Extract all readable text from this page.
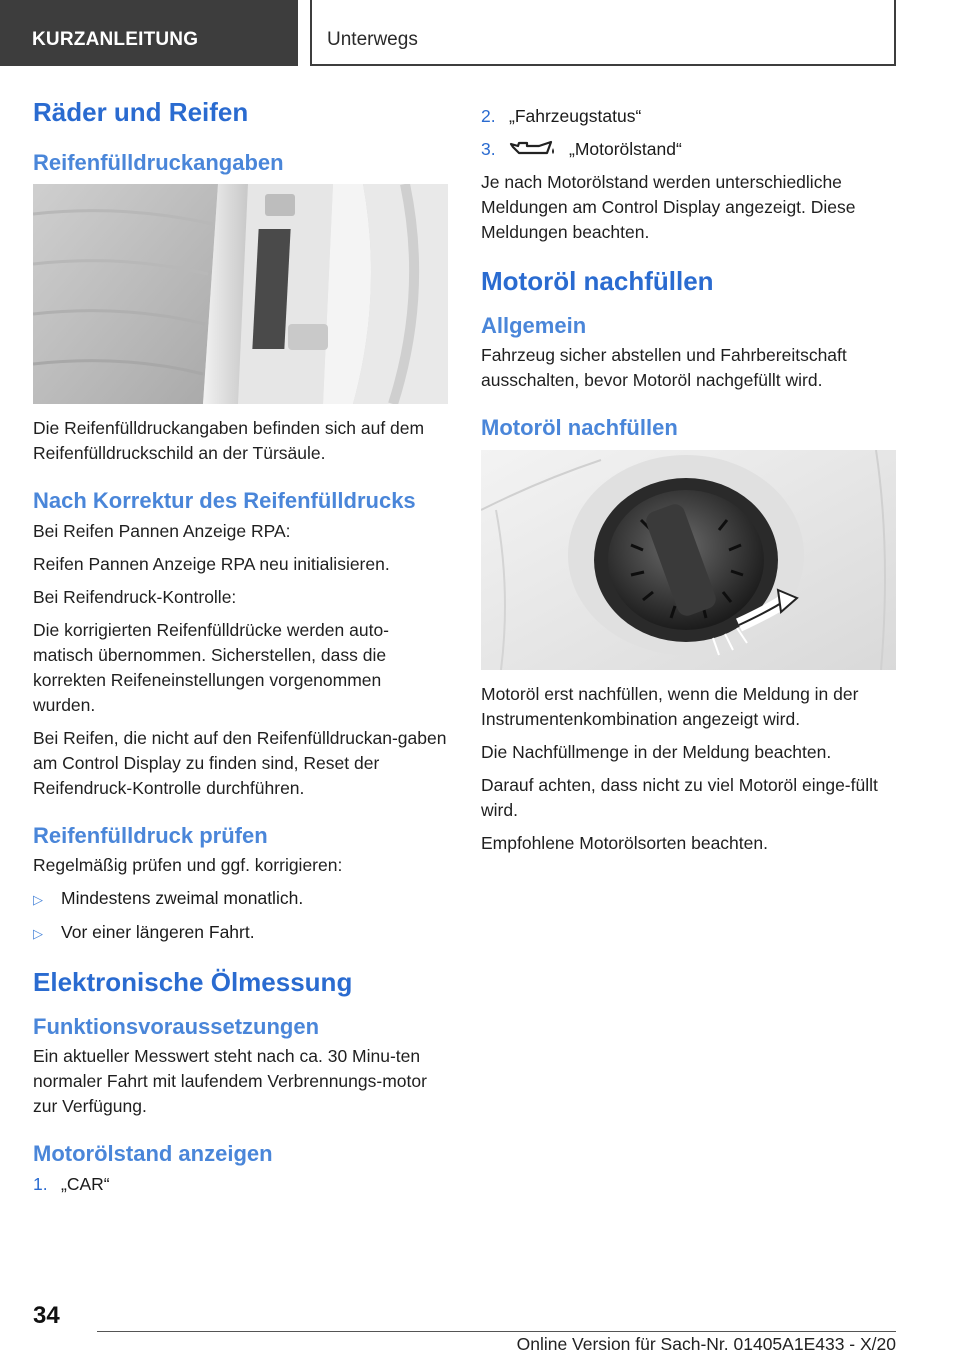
KURZANLEITUNG	Unterwegs
Räder und Reifen
Reifenfülldruckangaben

Die Reifenfülldruckangaben befinden sich auf dem Reifenfülldruckschild an der Türsäule.

Nach Korrektur des Reifenfülldrucks

Bei Reifen Pannen Anzeige RPA:

Reifen Pannen Anzeige RPA neu initialisieren.

Bei Reifendruck-Kontrolle:

Die korrigierten Reifenfülldrücke werden auto-matisch übernommen. Sicherstellen, dass die korrekten Reifeneinstellungen vorgenommen wurden.

Bei Reifen, die nicht auf den Reifenfülldruckan-gaben am Control Display zu finden sind, Reset der Reifendruck-Kontrolle durchführen.

Reifenfülldruck prüfen

Regelmäßig prüfen und ggf. korrigieren:

▷	Mindestens zweimal monatlich.
▷	Vor einer längeren Fahrt.
Elektronische Ölmessung
Funktionsvoraussetzungen

Ein aktueller Messwert steht nach ca. 30 Minu-ten normaler Fahrt mit laufendem Verbrennungs-motor zur Verfügung.

Motorölstand anzeigen
1. „CAR“
2. „Fahrzeugstatus“
3.	„Motorölstand“

Je nach Motorölstand werden unterschiedliche Meldungen am Control Display angezeigt. Diese Meldungen beachten.

Motoröl nachfüllen
Allgemein

Fahrzeug sicher abstellen und Fahrbereitschaft ausschalten, bevor Motoröl nachgefüllt wird.

Motoröl nachfüllen

Motoröl erst nachfüllen, wenn die Meldung in der Instrumentenkombination angezeigt wird.

Die Nachfüllmenge in der Meldung beachten.

Darauf achten, dass nicht zu viel Motoröl einge-füllt wird.

Empfohlene Motorölsorten beachten.

34
Online Version für Sach-Nr. 01405A1E433 - X/20
